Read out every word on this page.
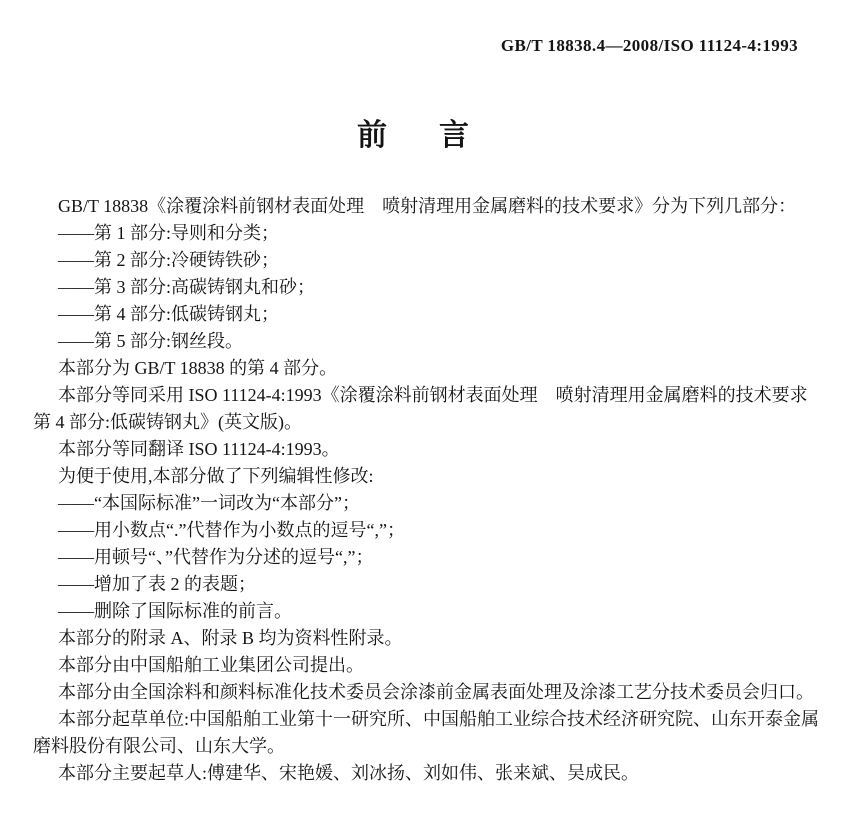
GB/T 18838.4—2008/ISO 11124-4:1993
前 言

GB/T 18838《涂覆涂料前钢材表面处理　喷射清理用金属磨料的技术要求》分为下列几部分：

——第 1 部分:导则和分类；

——第 2 部分:冷硬铸铁砂；

——第 3 部分:高碳铸钢丸和砂；

——第 4 部分:低碳铸钢丸；

——第 5 部分:钢丝段。

本部分为 GB/T 18838 的第 4 部分。

本部分等同采用 ISO 11124-4:1993《涂覆涂料前钢材表面处理　喷射清理用金属磨料的技术要求

第 4 部分:低碳铸钢丸》(英文版)。

本部分等同翻译 ISO 11124-4:1993。

为便于使用,本部分做了下列编辑性修改:

——“本国际标准”一词改为“本部分”；

——用小数点“.”代替作为小数点的逗号“,”；

——用顿号“、”代替作为分述的逗号“,”；

——增加了表 2 的表题；

——删除了国际标准的前言。

本部分的附录 A、附录 B 均为资料性附录。

本部分由中国船舶工业集团公司提出。

本部分由全国涂料和颜料标准化技术委员会涂漆前金属表面处理及涂漆工艺分技术委员会归口。

本部分起草单位:中国船舶工业第十一研究所、中国船舶工业综合技术经济研究院、山东开泰金属

磨料股份有限公司、山东大学。

本部分主要起草人:傅建华、宋艳媛、刘冰扬、刘如伟、张来斌、吴成民。
